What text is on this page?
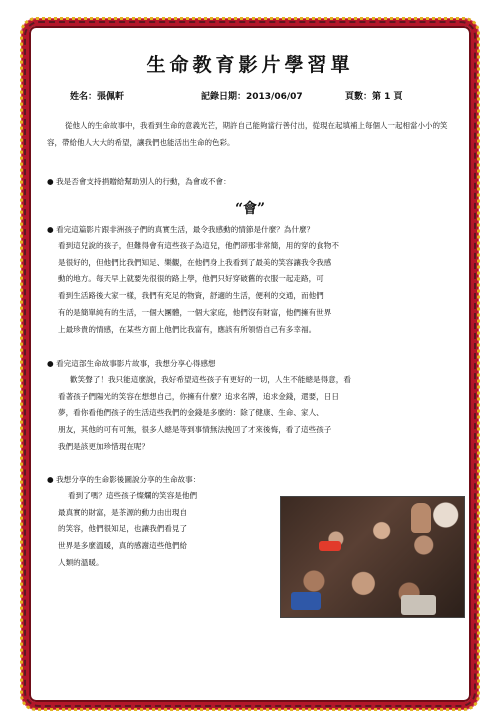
生命教育影片學習單
姓名：張佩軒	記錄日期：2013/06/07	頁數：第 1 頁
從他人的生命故事中，我看到生命的意義光芒，期許自己能夠當行善付出，從現在起填補上每個人一起相當小小的笑容，帶給他人大大的希望，讓我們也能活出生命的色彩。
● 我是否會支持捐贈給幫助別人的行動，為會或不會：
“會”
● 看完這篇影片跟非洲孩子們的真實生活，最令我感動的情節是什麼？為什麼？
看到這兒說的孩子，但難得會有這些孩子為這兒，他們卻那非常簡，用的穿的食物不
是很好的，但他們比我們知足、樂觀，在他們身上我看到了最美的笑容讓我令我感
動的地方。每天早上就要先很很的路上學，他們只好穿破舊的衣服一起走路，可
看到生活路後大家一樣，我們有充足的物資，舒適的生活，便利的交通，而他們
有的是簡單純有的生活，一個大團體，一個大家庭，他們沒有財富，他們擁有世界
上最珍貴的情感，在某些方面上他們比我富有，應該有所領悟自己有多幸福。
● 看完這部生命故事影片故事，我想分享心得感想
歡笑聲了！我只能這麼說，我好希望這些孩子有更好的一切，人生不能總是得意，看
看著孩子們陽光的笑容在想想自己，你擁有什麼？追求名牌，追求金錢，還要，日日
夢，看你看他們孩子的生活這些我們的金錢是多麼的：除了健康、生命、家人、
朋友，其他的可有可無，很多人總是等到事情無法挽回了才來後悔，看了這些孩子
我們是該更加珍惜現在呢？
● 我想分享的生命影後圖說分享的生命故事：
看到了嗎？這些孩子燦爛的笑容是他們
最真實的財富，是茶源的動力由出現自
的笑容，他們很知足，也讓我們看見了
世界是多麼溫暖，真的感謝這些他們給
人類的溫暖。
